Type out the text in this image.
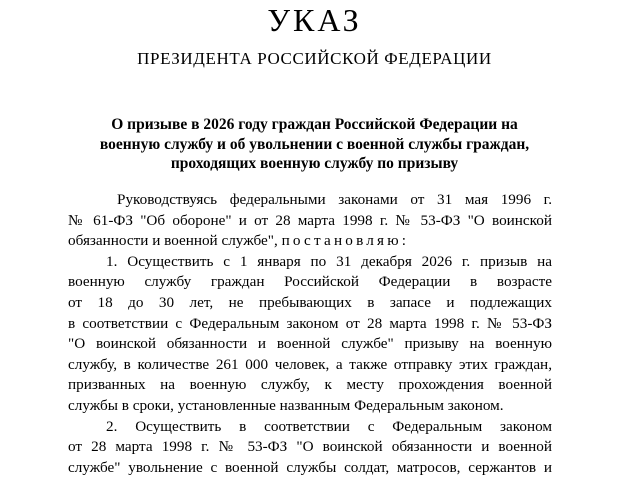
УКАЗ
ПРЕЗИДЕНТА РОССИЙСКОЙ ФЕДЕРАЦИИ
О призыве в 2026 году граждан Российской Федерации на
военную службу и об увольнении с военной службы граждан,
проходящих военную службу по призыву
Руководствуясь федеральными законами от 31 мая 1996 г.
№ 61-ФЗ "Об обороне" и от 28 марта 1998 г. № 53-ФЗ "О воинской
обязанности и военной службе", постановляю:
1. Осуществить с 1 января по 31 декабря 2026 г. призыв на
военную службу граждан Российской Федерации в возрасте
от 18 до 30 лет, не пребывающих в запасе и подлежащих
в соответствии с Федеральным законом от 28 марта 1998 г. № 53-ФЗ
"О воинской обязанности и военной службе" призыву на военную
службу, в количестве 261 000 человек, а также отправку этих граждан,
призванных на военную службу, к месту прохождения военной
службы в сроки, установленные названным Федеральным законом.
2. Осуществить в соответствии с Федеральным законом
от 28 марта 1998 г. № 53-ФЗ "О воинской обязанности и военной
службе" увольнение с военной службы солдат, матросов, сержантов и
